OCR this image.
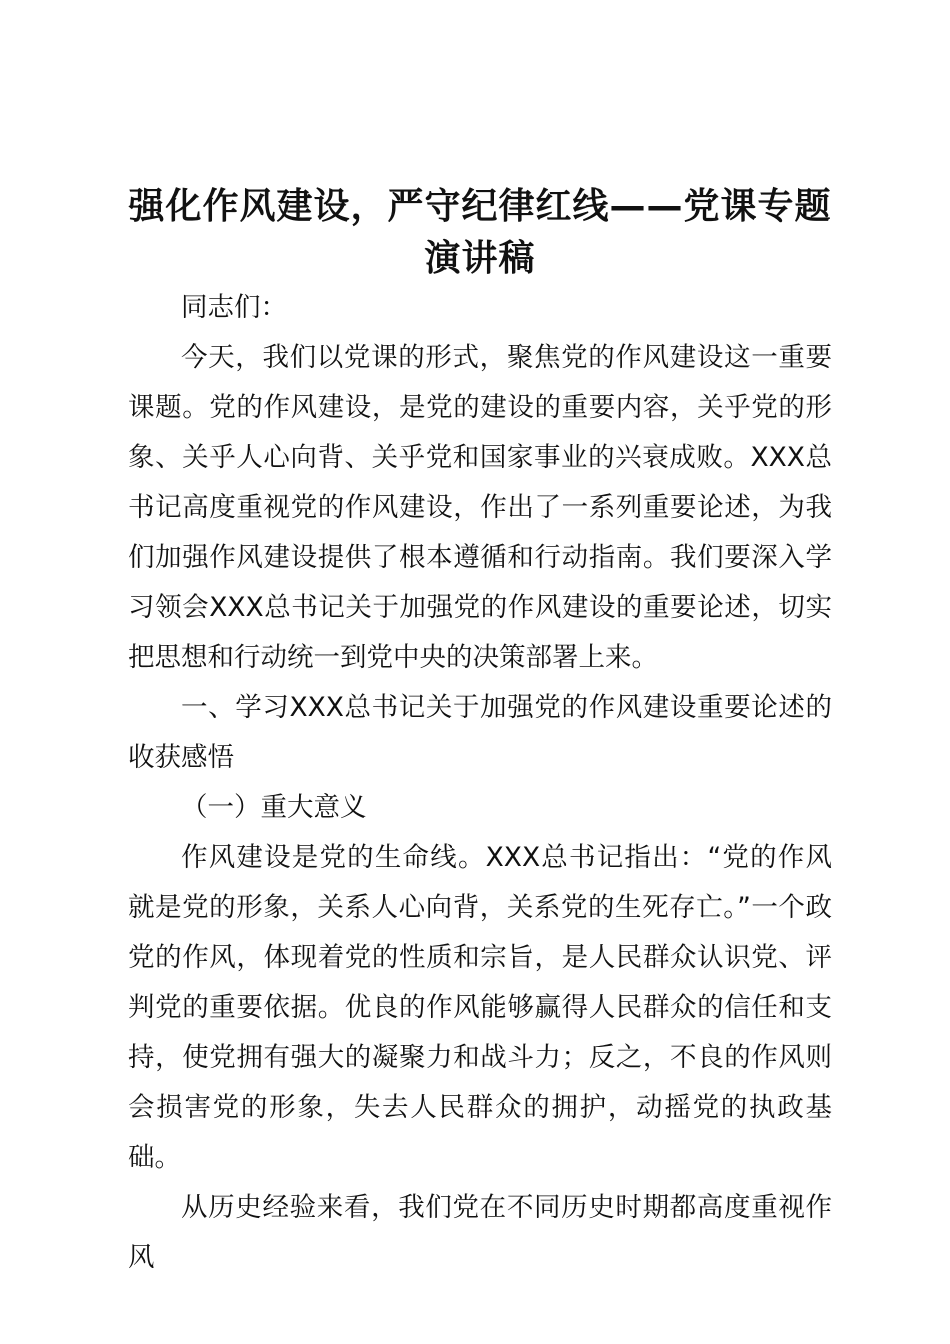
强化作风建设，严守纪律红线——党课专题演讲稿

同志们：

今天，我们以党课的形式，聚焦党的作风建设这一重要课题。党的作风建设，是党的建设的重要内容，关乎党的形象、关乎人心向背、关乎党和国家事业的兴衰成败。XXX总书记高度重视党的作风建设，作出了一系列重要论述，为我们加强作风建设提供了根本遵循和行动指南。我们要深入学习领会XXX总书记关于加强党的作风建设的重要论述，切实把思想和行动统一到党中央的决策部署上来。

一、学习XXX总书记关于加强党的作风建设重要论述的收获感悟

（一）重大意义

作风建设是党的生命线。XXX总书记指出：“党的作风就是党的形象，关系人心向背，关系党的生死存亡。”一个政党的作风，体现着党的性质和宗旨，是人民群众认识党、评判党的重要依据。优良的作风能够赢得人民群众的信任和支持，使党拥有强大的凝聚力和战斗力；反之，不良的作风则会损害党的形象，失去人民群众的拥护，动摇党的执政基础。

从历史经验来看，我们党在不同历史时期都高度重视作风
